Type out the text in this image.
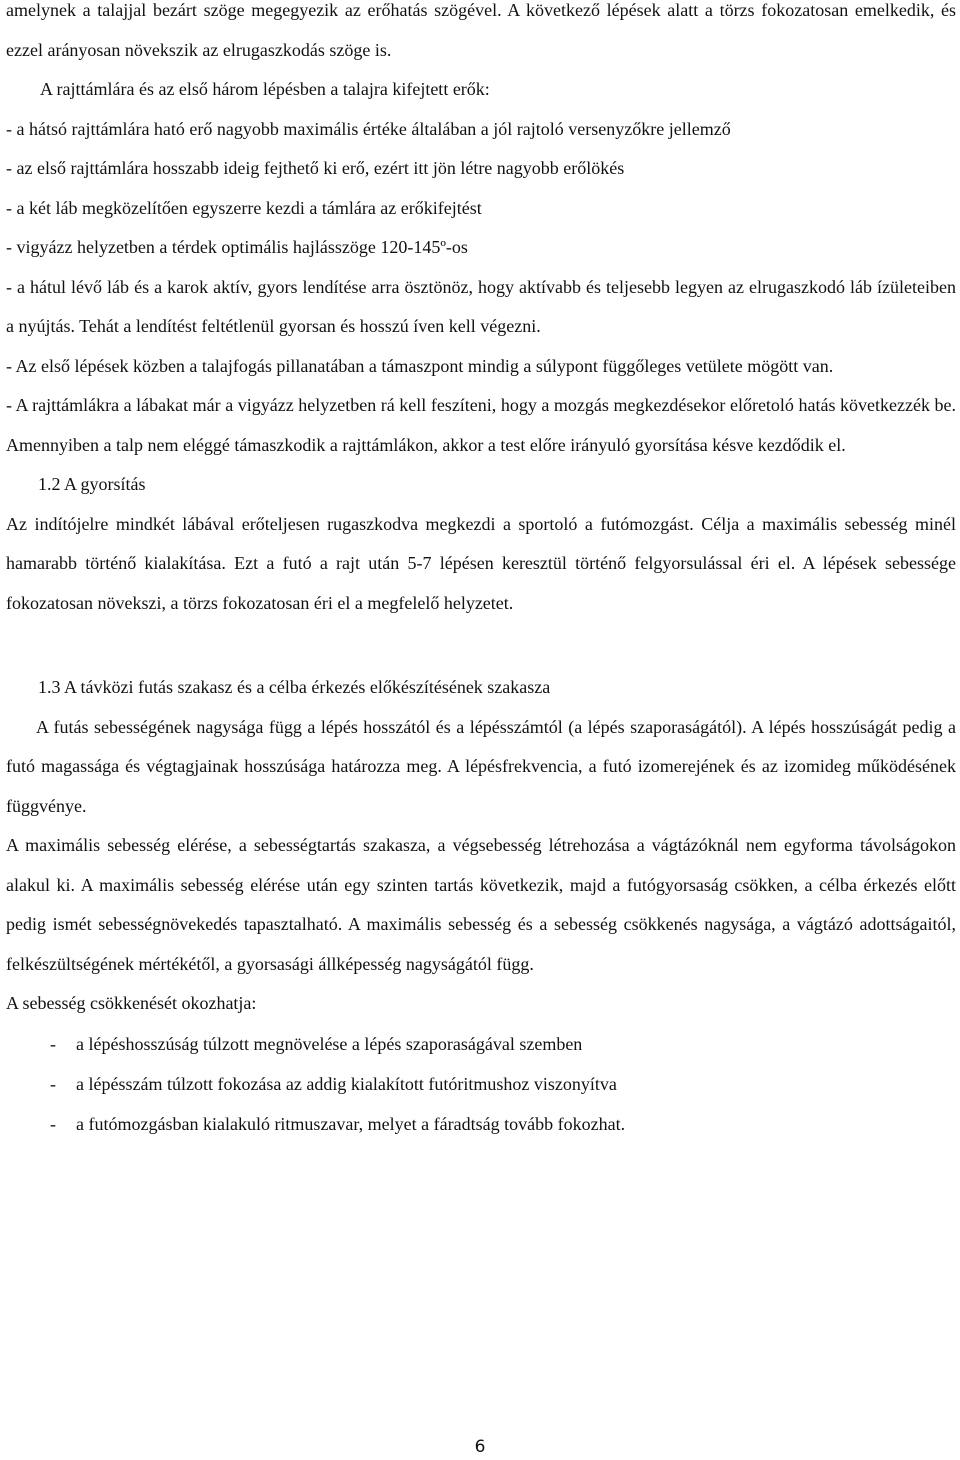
amelynek a talajjal bezárt szöge megegyezik az erőhatás szögével. A következő lépések alatt a törzs fokozatosan emelkedik, és ezzel arányosan növekszik az elrugaszkodás szöge is.

A rajttámlára és az első három lépésben a talajra kifejtett erők:

- a hátsó rajttámlára ható erő nagyobb maximális értéke általában a jól rajtoló versenyzőkre jellemző

- az első rajttámlára hosszabb ideig fejthető ki erő, ezért itt jön létre nagyobb erőlökés

- a két láb megközelítően egyszerre kezdi a támlára az erőkifejtést

- vigyázz helyzetben a térdek optimális hajlásszöge 120-145º-os

- a hátul lévő láb és a karok aktív, gyors lendítése arra ösztönöz, hogy aktívabb és teljesebb legyen az elrugaszkodó láb ízületeiben a nyújtás. Tehát a lendítést feltétlenül gyorsan és hosszú íven kell végezni.

- Az első lépések közben a talajfogás pillanatában a támaszpont mindig a súlypont függőleges vetülete mögött van.

- A rajttámlákra a lábakat már a vigyázz helyzetben rá kell feszíteni, hogy a mozgás megkezdésekor előretoló hatás következzék be. Amennyiben a talp nem eléggé támaszkodik a rajttámlákon, akkor a test előre irányuló gyorsítása késve kezdődik el.

1.2 A gyorsítás

Az indítójelre mindkét lábával erőteljesen rugaszkodva megkezdi a sportoló a futómozgást. Célja a maximális sebesség minél hamarabb történő kialakítása. Ezt a futó a rajt után 5-7 lépésen keresztül történő felgyorsulással éri el. A lépések sebessége fokozatosan növekszi, a törzs fokozatosan éri el a megfelelő helyzetet.

1.3 A távközi futás szakasz és a célba érkezés előkészítésének szakasza

A futás sebességének nagysága függ a lépés hosszától és a lépésszámtól (a lépés szaporaságától). A lépés hosszúságát pedig a futó magassága és végtagjainak hosszúsága határozza meg. A lépésfrekvencia, a futó izomerejének és az izomideg működésének függvénye.

A maximális sebesség elérése, a sebességtartás szakasza, a végsebesség létrehozása a vágtázóknál nem egyforma távolságokon alakul ki. A maximális sebesség elérése után egy szinten tartás következik, majd a futógyorsaság csökken, a célba érkezés előtt pedig ismét sebességnövekedés tapasztalható. A maximális sebesség és a sebesség csökkenés nagysága, a vágtázó adottságaitól, felkészültségének mértékétől, a gyorsasági állképesség nagyságától függ.

A sebesség csökkenését okozhatja:

- a lépéshosszúság túlzott megnövelése a lépés szaporaságával szemben
- a lépésszám túlzott fokozása az addig kialakított futóritmushoz viszonyítva
- a futómozgásban kialakuló ritmuszavar, melyet a fáradtság tovább fokozhat.
6
